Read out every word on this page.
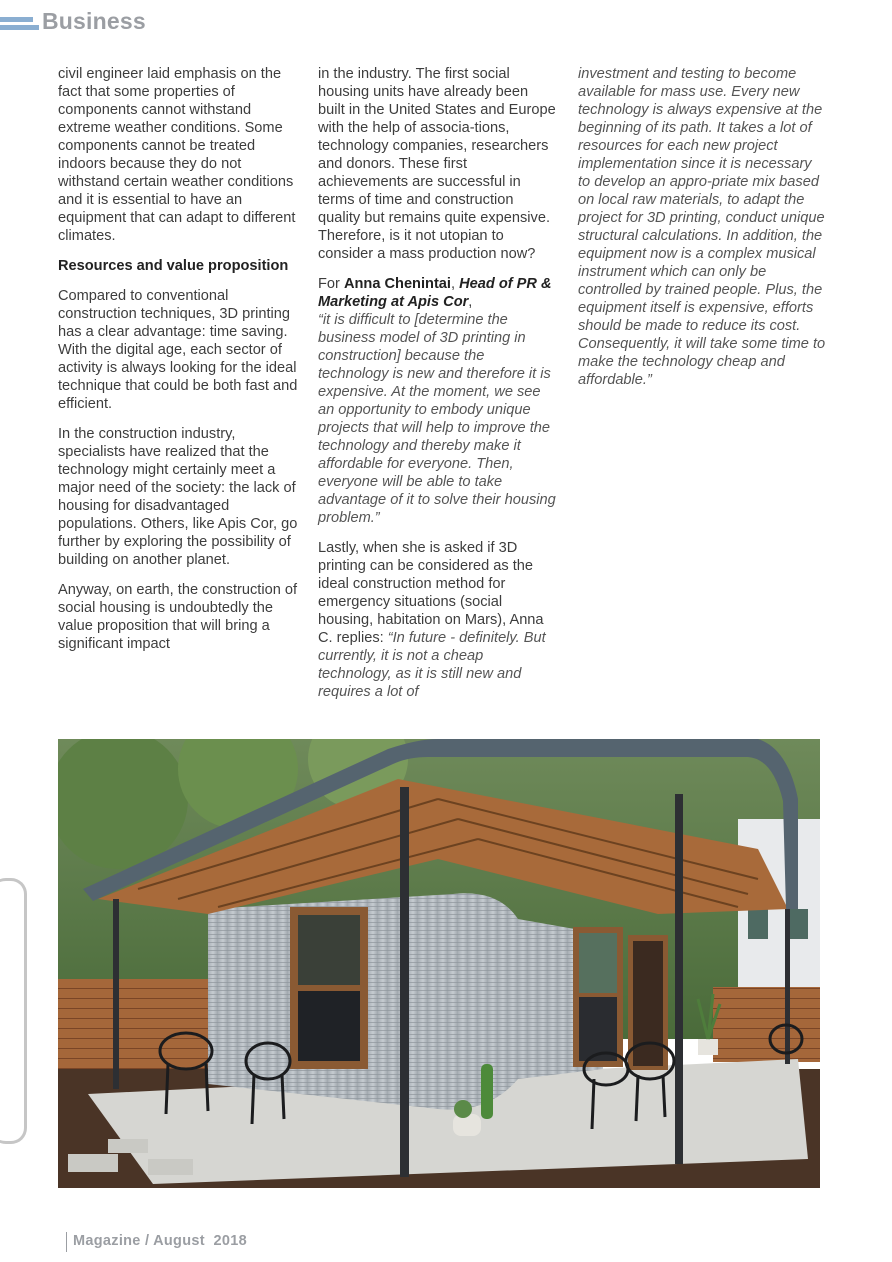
Business

civil engineer laid emphasis on the fact that some properties of components cannot withstand extreme weather conditions. Some components cannot be treated indoors because they do not withstand certain weather conditions and it is essential to have an equipment that can adapt to different climates.

Resources and value proposition

Compared to conventional construction techniques, 3D printing has a clear advantage: time saving. With the digital age, each sector of activity is always looking for the ideal technique that could be both fast and efficient.

In the construction industry, specialists have realized that the technology might certainly meet a major need of the society: the lack of housing for disadvantaged populations. Others, like Apis Cor, go further by exploring the possibility of building on another planet.

Anyway, on earth, the construction of social housing is undoubtedly the value proposition that will bring a significant impact

in the industry. The first social housing units have already been built in the United States and Europe with the help of associa-tions, technology companies, researchers and donors. These first achievements are successful in terms of time and construction quality but remains quite expensive. Therefore, is it not utopian to consider a mass production now?

For Anna Chenintai, Head of PR & Marketing at Apis Cor,
“it is difficult to [determine the business model of 3D printing in construction] because the technology is new and therefore it is expensive. At the moment, we see an opportunity to embody unique projects that will help to improve the technology and thereby make it affordable for everyone. Then, everyone will be able to take advantage of it to solve their housing problem.”

Lastly, when she is asked if 3D printing can be considered as the ideal construction method for emergency situations (social housing, habitation on Mars), Anna C. replies: “In future - definitely. But currently, it is not a cheap technology, as it is still new and requires a lot of

investment and testing to become available for mass use. Every new technology is always expensive at the beginning of its path. It takes a lot of resources for each new project implementation since it is necessary to develop an appro-priate mix based on local raw materials, to adapt the project for 3D printing, conduct unique structural calculations. In addition, the equipment now is a complex musical instrument which can only be controlled by trained people. Plus, the equipment itself is expensive, efforts should be made to reduce its cost. Consequently, it will take some time to make the technology cheap and affordable.”

Magazine / August  2018
